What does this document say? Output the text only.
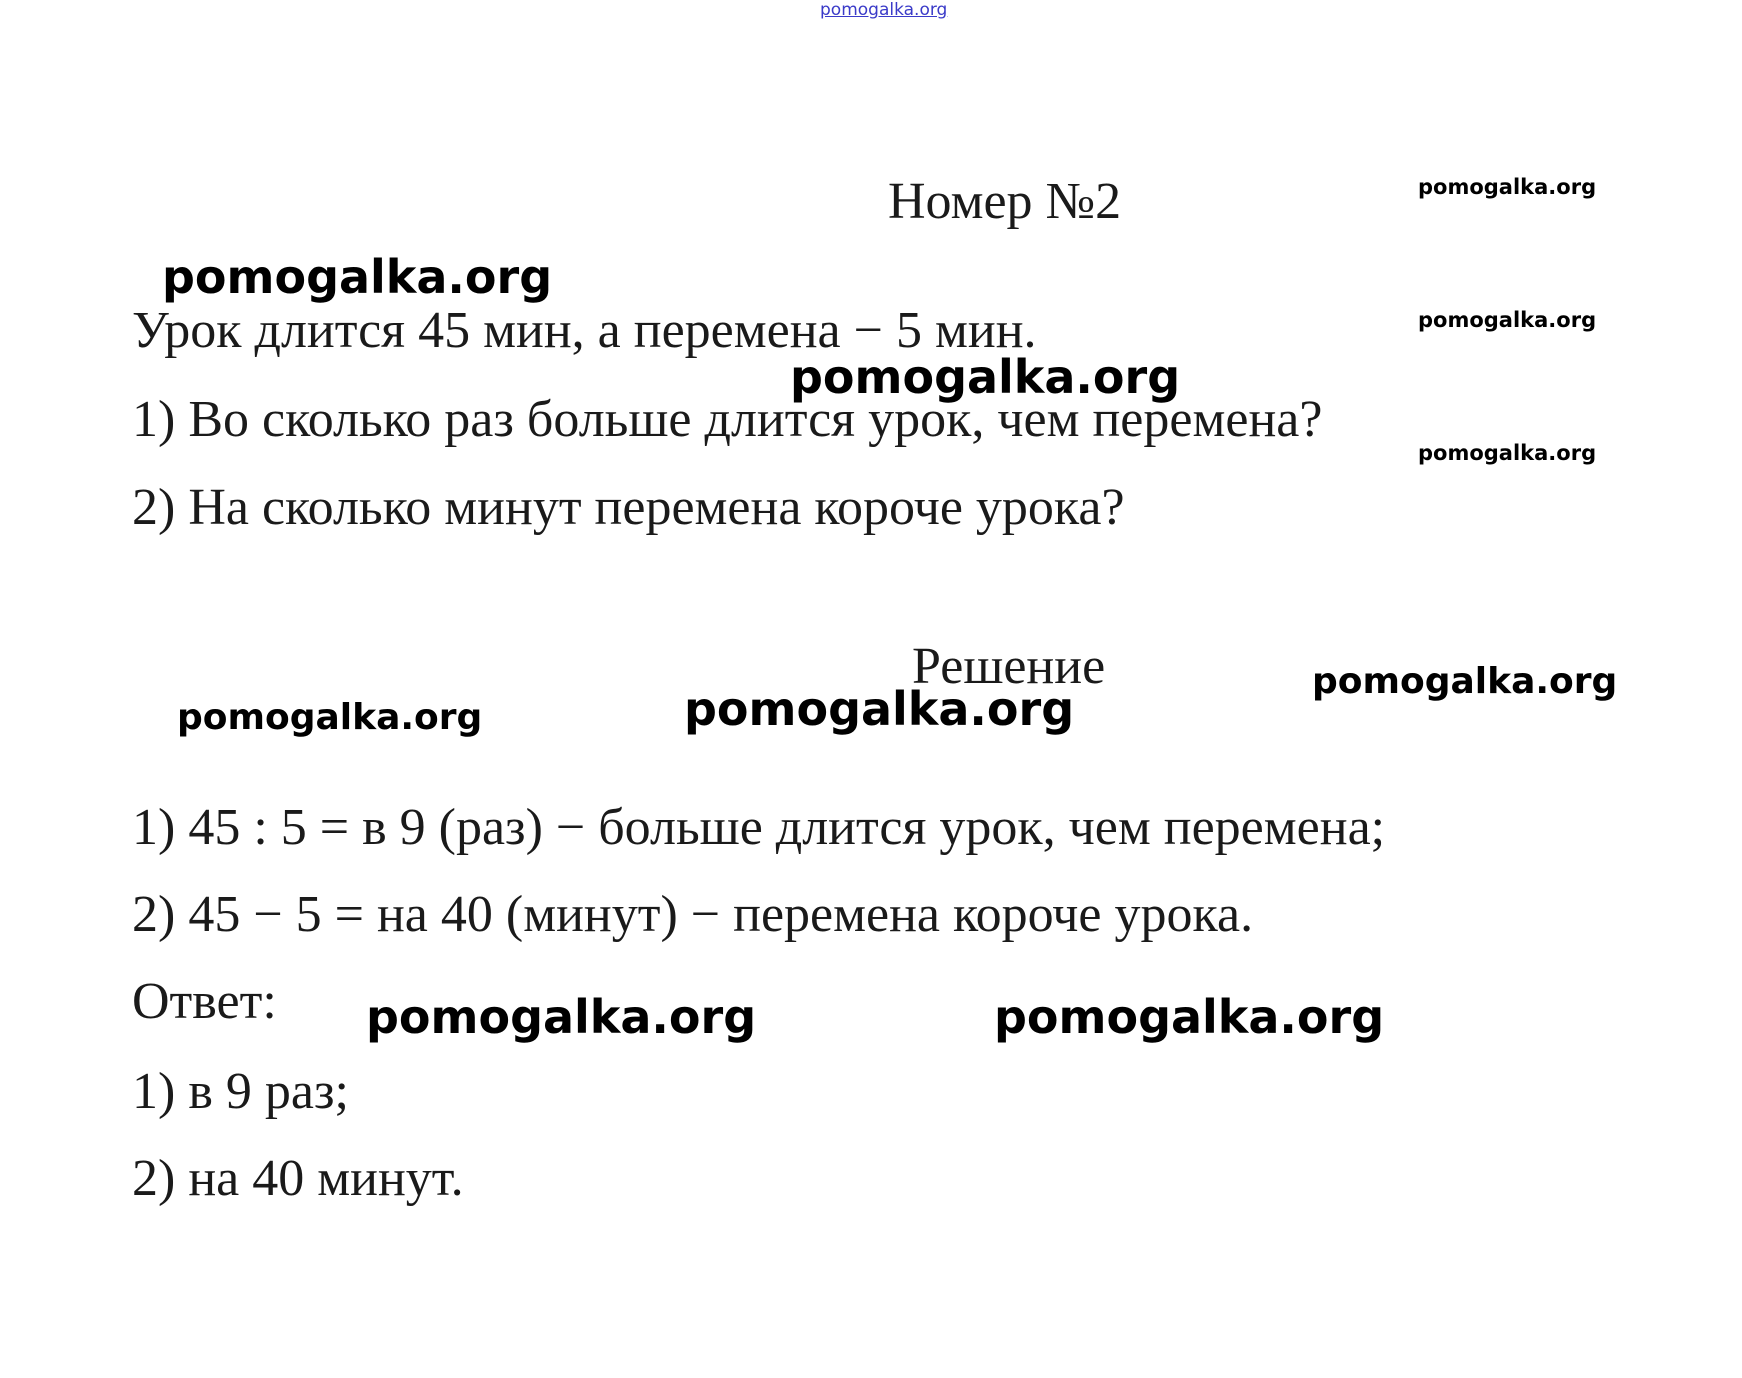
pomogalka.org
Номер №2	pomogalka.org
pomogalka.org
Урок длится 45 мин, а перемена − 5 мин.	pomogalka.org
pomogalka.org
1) Во сколько раз больше длится урок, чем перемена?
pomogalka.org
2) На сколько минут перемена короче урока?
Решение	pomogalka.org
pomogalka.org	pomogalka.org
1) 45 : 5 = в 9 (раз) − больше длится урок, чем перемена;
2) 45 − 5 = на 40 (минут) − перемена короче урока.
Ответ: pomogalka.org	pomogalka.org
1) в 9 раз;
2) на 40 минут.
